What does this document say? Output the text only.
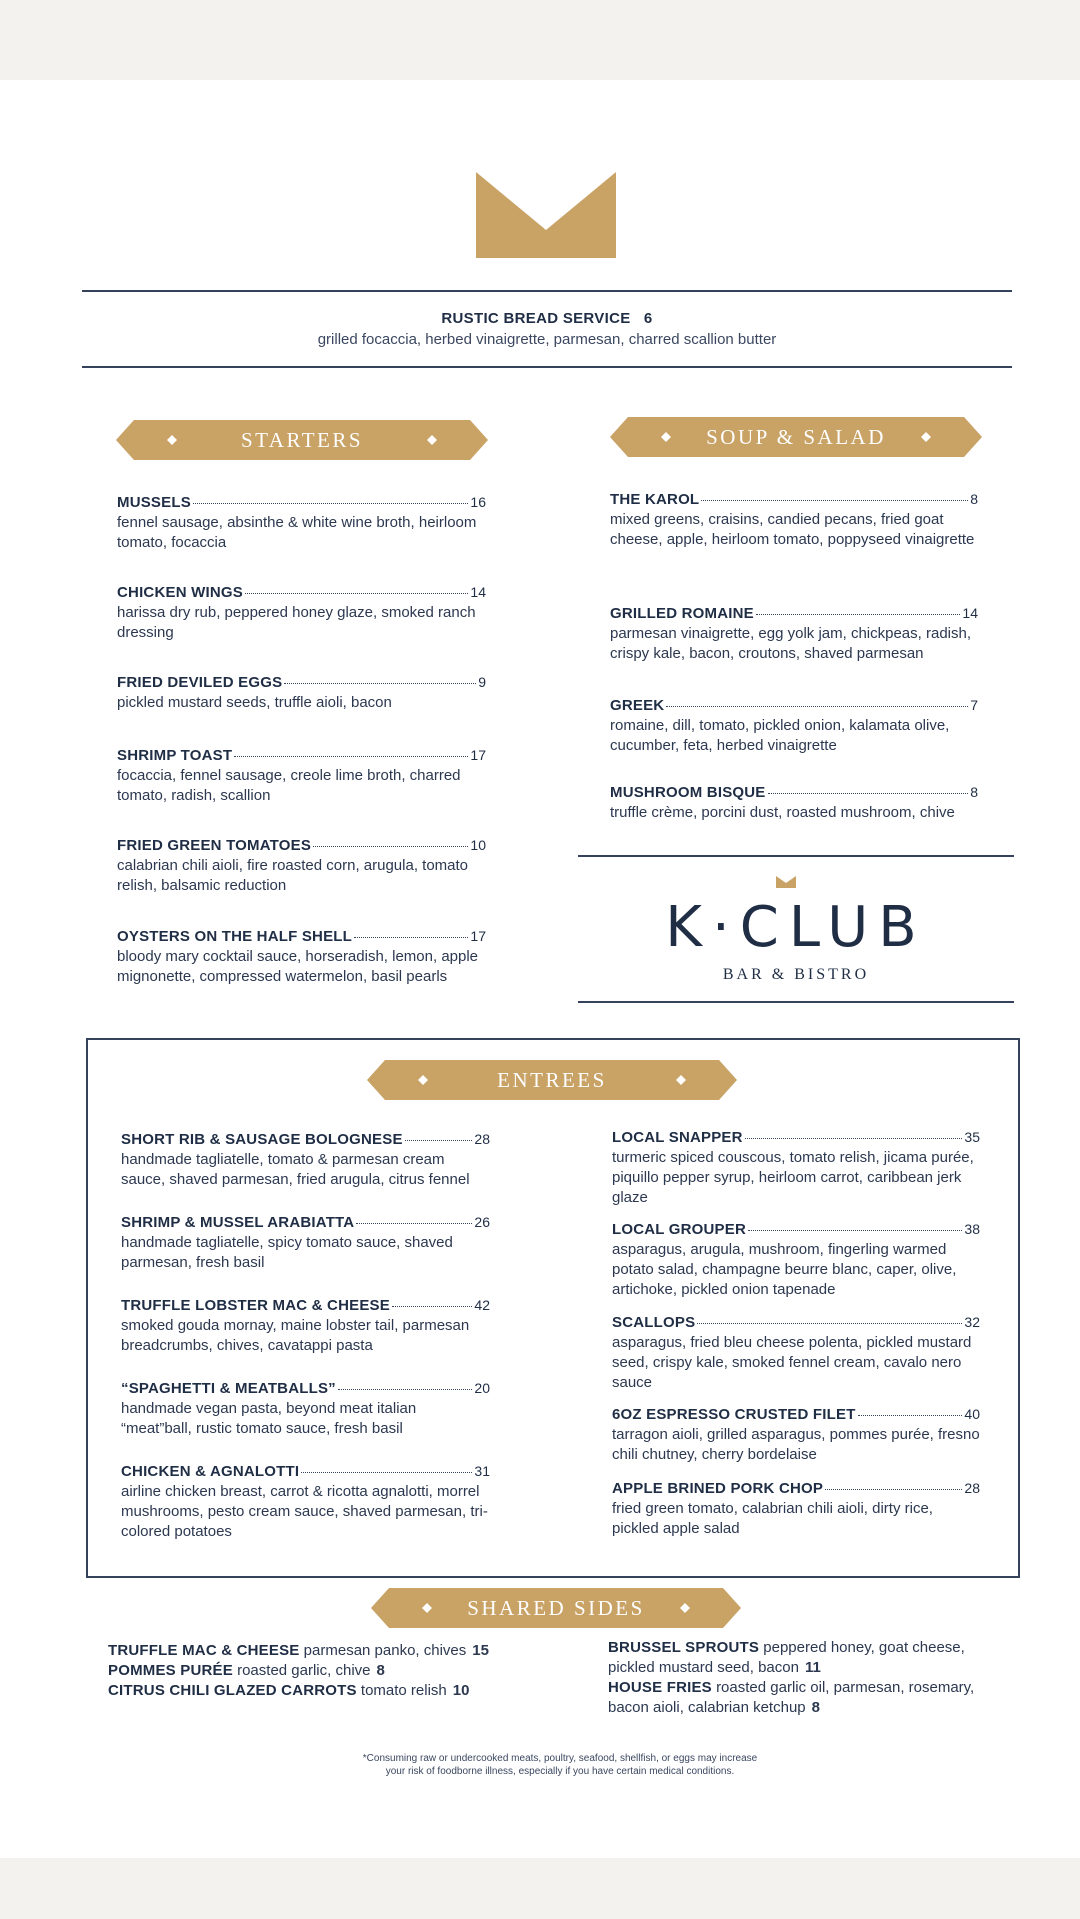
RUSTIC BREAD SERVICE 6
grilled focaccia, herbed vinaigrette, parmesan, charred scallion butter
STARTERS	SOUP & SALAD
MUSSELS	16
fennel sausage, absinthe & white wine broth, heirloom tomato, focaccia
CHICKEN WINGS	14
harissa dry rub, peppered honey glaze, smoked ranch dressing
FRIED DEVILED EGGS	9
pickled mustard seeds, truffle aioli, bacon
SHRIMP TOAST	17
focaccia, fennel sausage, creole lime broth, charred tomato, radish, scallion
FRIED GREEN TOMATOES	10
calabrian chili aioli, fire roasted corn, arugula, tomato relish, balsamic reduction
OYSTERS ON THE HALF SHELL	17
bloody mary cocktail sauce, horseradish, lemon, apple mignonette, compressed watermelon, basil pearls
THE KAROL	8
mixed greens, craisins, candied pecans, fried goat cheese, apple, heirloom tomato, poppyseed vinaigrette
GRILLED ROMAINE	14
parmesan vinaigrette, egg yolk jam, chickpeas, radish, crispy kale, bacon, croutons, shaved parmesan
GREEK	7
romaine, dill, tomato, pickled onion, kalamata olive, cucumber, feta, herbed vinaigrette
MUSHROOM BISQUE	8
truffle crème, porcini dust, roasted mushroom, chive
K·CLUB
BAR & BISTRO
ENTREES
SHORT RIB & SAUSAGE BOLOGNESE	28
handmade tagliatelle, tomato & parmesan cream sauce, shaved parmesan, fried arugula, citrus fennel
SHRIMP & MUSSEL ARABIATTA	26
handmade tagliatelle, spicy tomato sauce, shaved parmesan, fresh basil
TRUFFLE LOBSTER MAC & CHEESE	42
smoked gouda mornay, maine lobster tail, parmesan breadcrumbs, chives, cavatappi pasta
“SPAGHETTI & MEATBALLS”	20
handmade vegan pasta, beyond meat italian “meat”ball, rustic tomato sauce, fresh basil
CHICKEN & AGNALOTTI	31
airline chicken breast, carrot & ricotta agnalotti, morrel mushrooms, pesto cream sauce, shaved parmesan, tri-colored potatoes
LOCAL SNAPPER	35
turmeric spiced couscous, tomato relish, jicama purée, piquillo pepper syrup, heirloom carrot, caribbean jerk glaze
LOCAL GROUPER	38
asparagus, arugula, mushroom, fingerling warmed potato salad, champagne beurre blanc, caper, olive, artichoke, pickled onion tapenade
SCALLOPS	32
asparagus, fried bleu cheese polenta, pickled mustard seed, crispy kale, smoked fennel cream, cavalo nero sauce
6OZ ESPRESSO CRUSTED FILET	40
tarragon aioli, grilled asparagus, pommes purée, fresno chili chutney, cherry bordelaise
APPLE BRINED PORK CHOP	28
fried green tomato, calabrian chili aioli, dirty rice, pickled apple salad
SHARED SIDES
TRUFFLE MAC & CHEESE parmesan panko, chives 15
POMMES PURÉE roasted garlic, chive 8
CITRUS CHILI GLAZED CARROTS tomato relish 10
BRUSSEL SPROUTS peppered honey, goat cheese, pickled mustard seed, bacon 11
HOUSE FRIES roasted garlic oil, parmesan, rosemary, bacon aioli, calabrian ketchup 8
*Consuming raw or undercooked meats, poultry, seafood, shellfish, or eggs may increase
your risk of foodborne illness, especially if you have certain medical conditions.
